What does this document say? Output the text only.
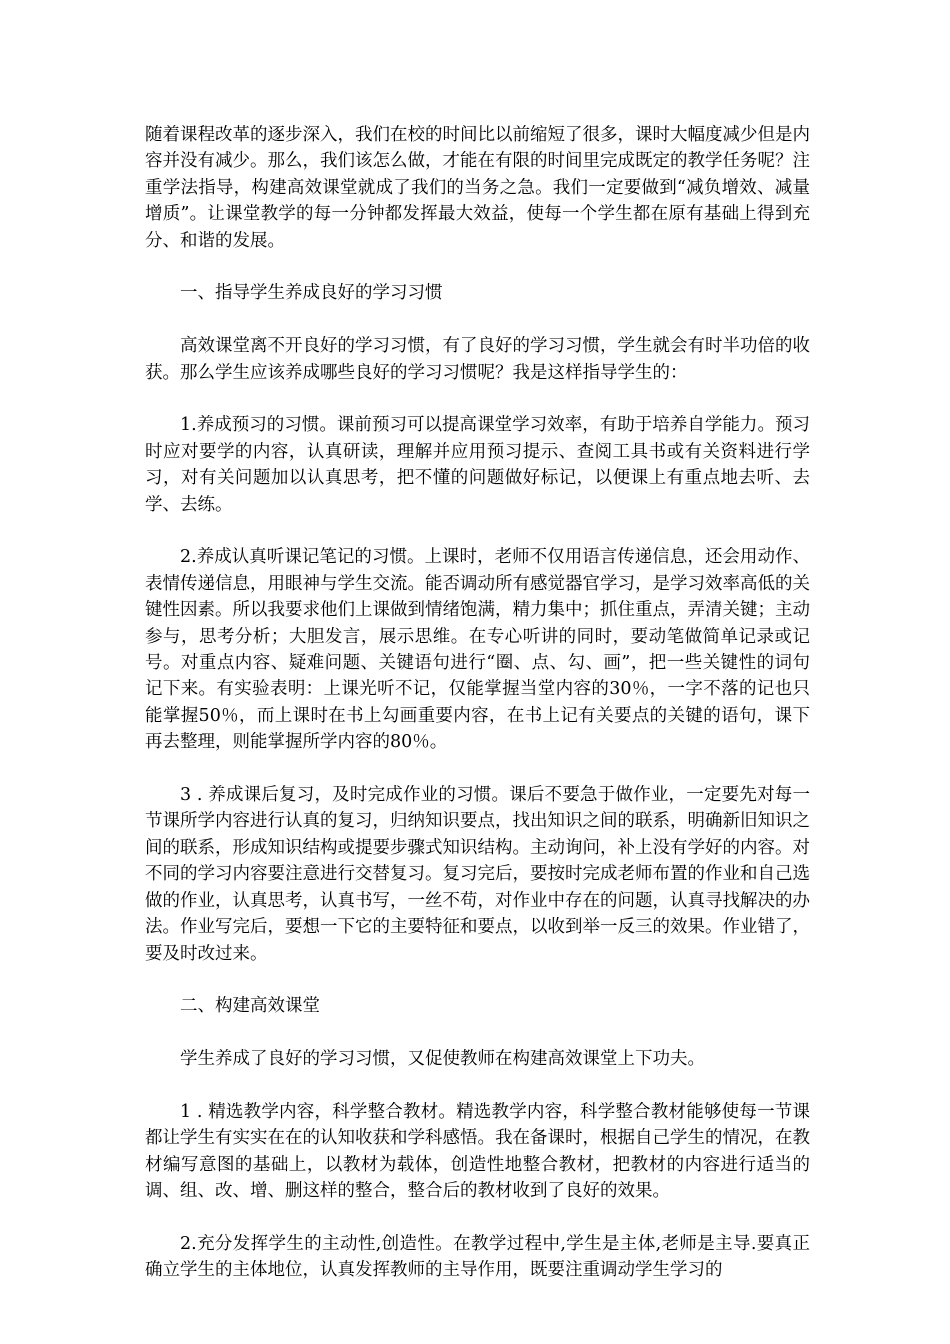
随着课程改革的逐步深入，我们在校的时间比以前缩短了很多，课时大幅度减少但是内容并没有减少。那么，我们该怎么做，才能在有限的时间里完成既定的教学任务呢？注重学法指导，构建高效课堂就成了我们的当务之急。我们一定要做到“减负增效、减量增质”。让课堂教学的每一分钟都发挥最大效益，使每一个学生都在原有基础上得到充分、和谐的发展。

一、指导学生养成良好的学习习惯

高效课堂离不开良好的学习习惯，有了良好的学习习惯，学生就会有时半功倍的收获。那么学生应该养成哪些良好的学习习惯呢？我是这样指导学生的：

1.养成预习的习惯。课前预习可以提高课堂学习效率，有助于培养自学能力。预习时应对要学的内容，认真研读，理解并应用预习提示、查阅工具书或有关资料进行学习，对有关问题加以认真思考，把不懂的问题做好标记，以便课上有重点地去听、去学、去练。

2.养成认真听课记笔记的习惯。上课时，老师不仅用语言传递信息，还会用动作、表情传递信息，用眼神与学生交流。能否调动所有感觉器官学习，是学习效率高低的关键性因素。所以我要求他们上课做到情绪饱满，精力集中；抓住重点，弄清关键；主动参与，思考分析；大胆发言，展示思维。在专心听讲的同时，要动笔做简单记录或记号。对重点内容、疑难问题、关键语句进行“圈、点、勾、画”，把一些关键性的词句记下来。有实验表明：上课光听不记，仅能掌握当堂内容的30％，一字不落的记也只能掌握50％，而上课时在书上勾画重要内容，在书上记有关要点的关键的语句，课下再去整理，则能掌握所学内容的80％。

3 . 养成课后复习，及时完成作业的习惯。课后不要急于做作业，一定要先对每一节课所学内容进行认真的复习，归纳知识要点，找出知识之间的联系，明确新旧知识之间的联系，形成知识结构或提要步骤式知识结构。主动询问，补上没有学好的内容。对不同的学习内容要注意进行交替复习。复习完后，要按时完成老师布置的作业和自己选做的作业，认真思考，认真书写，一丝不苟，对作业中存在的问题，认真寻找解决的办法。作业写完后，要想一下它的主要特征和要点，以收到举一反三的效果。作业错了，要及时改过来。

二、构建高效课堂

学生养成了良好的学习习惯，又促使教师在构建高效课堂上下功夫。

1 . 精选教学内容，科学整合教材。精选教学内容，科学整合教材能够使每一节课都让学生有实实在在的认知收获和学科感悟。我在备课时，根据自己学生的情况，在教材编写意图的基础上，以教材为载体，创造性地整合教材，把教材的内容进行适当的调、组、改、增、删这样的整合，整合后的教材收到了良好的效果。

2.充分发挥学生的主动性,创造性。在教学过程中,学生是主体,老师是主导.要真正确立学生的主体地位，认真发挥教师的主导作用，既要注重调动学生学习的
